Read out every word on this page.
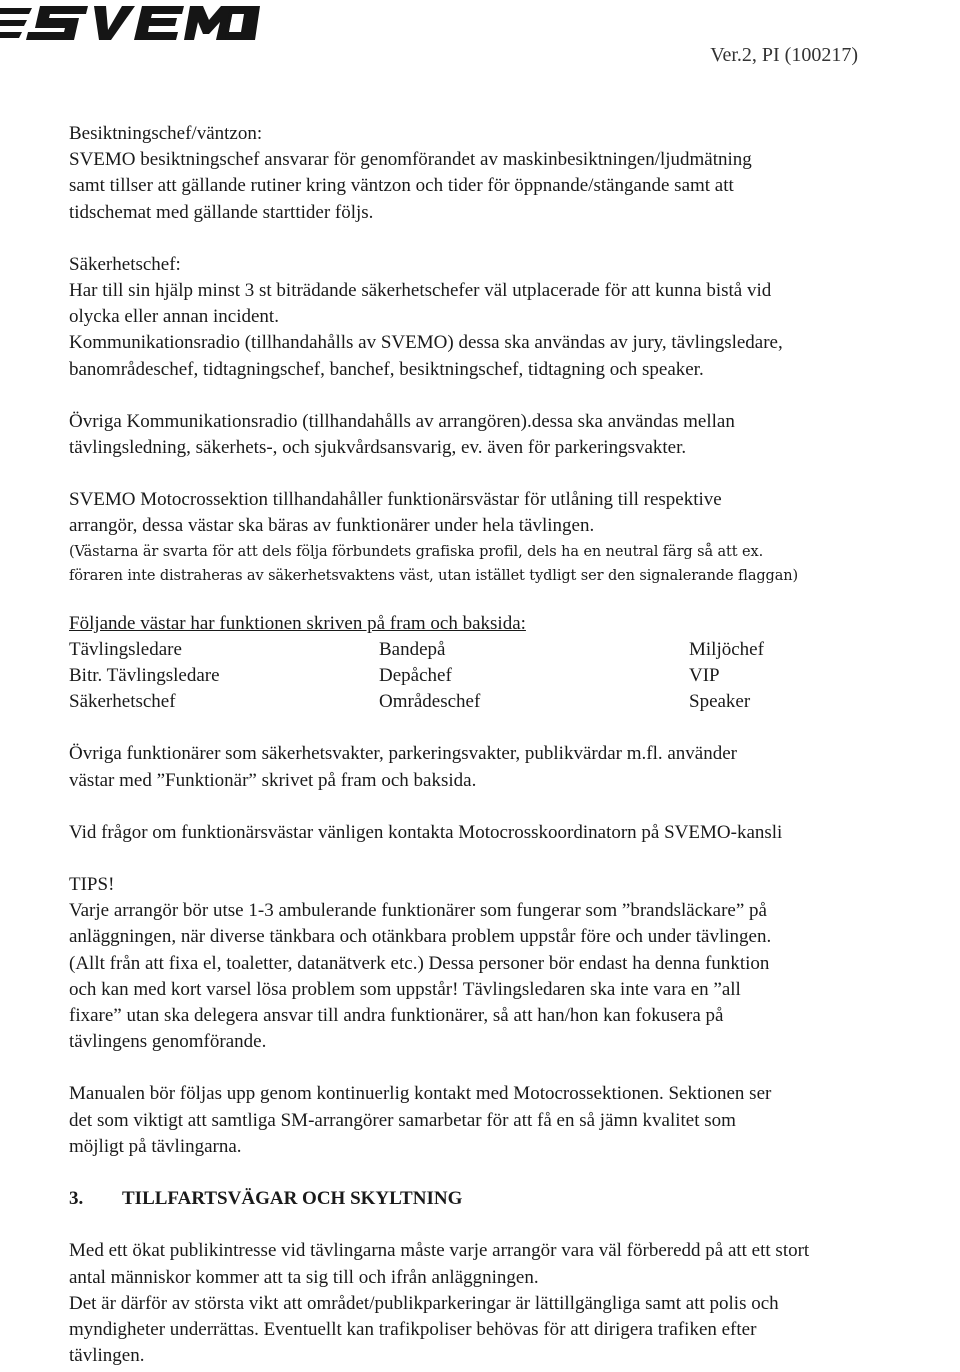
Ver.2, PI (100217)

Besiktningschef/väntzon:

SVEMO besiktningschef ansvarar för genomförandet av maskinbesiktningen/ljudmätning

samt tillser att gällande rutiner kring väntzon och tider för öppnande/stängande samt att

tidschemat med gällande starttider följs.

Säkerhetschef:

Har till sin hjälp minst 3 st biträdande säkerhetschefer väl utplacerade för att kunna bistå vid

olycka eller annan incident.

Kommunikationsradio (tillhandahålls av SVEMO) dessa ska användas av jury, tävlingsledare,

banområdeschef, tidtagningschef, banchef, besiktningschef, tidtagning och speaker.

Övriga Kommunikationsradio (tillhandahålls av arrangören).dessa ska användas mellan

tävlingsledning, säkerhets-, och sjukvårdsansvarig, ev. även för parkeringsvakter.

SVEMO Motocrossektion tillhandahåller funktionärsvästar för utlåning till respektive

arrangör, dessa västar ska bäras av funktionärer under hela tävlingen.

(Västarna är svarta för att dels följa förbundets grafiska profil, dels ha en neutral färg så att ex.

föraren inte distraheras av säkerhetsvaktens väst, utan istället tydligt ser den signalerande flaggan)

Följande västar har funktionen skriven på fram och baksida:

Tävlingsledare	Bandepå	Miljöchef
Bitr. Tävlingsledare	Depåchef	VIP
Säkerhetschef	Områdeschef	Speaker

Övriga funktionärer som säkerhetsvakter, parkeringsvakter, publikvärdar m.fl. använder

västar med ”Funktionär” skrivet på fram och baksida.

Vid frågor om funktionärsvästar vänligen kontakta Motocrosskoordinatorn på SVEMO-kansli

TIPS!

Varje arrangör bör utse 1-3 ambulerande funktionärer som fungerar som ”brandsläckare” på

anläggningen, när diverse tänkbara och otänkbara problem uppstår före och under tävlingen.

(Allt från att fixa el, toaletter, datanätverk etc.) Dessa personer bör endast ha denna funktion

och kan med kort varsel lösa problem som uppstår! Tävlingsledaren ska inte vara en ”all

fixare” utan ska delegera ansvar till andra funktionärer, så att han/hon kan fokusera på

tävlingens genomförande.

Manualen bör följas upp genom kontinuerlig kontakt med Motocrossektionen. Sektionen ser

det som viktigt att samtliga SM-arrangörer samarbetar för att få en så jämn kvalitet som

möjligt på tävlingarna.

3.	TILLFARTSVÄGAR OCH SKYLTNING

Med ett ökat publikintresse vid tävlingarna måste varje arrangör vara väl förberedd på att ett stort

antal människor kommer att ta sig till och ifrån anläggningen.

Det är därför av största vikt att området/publikparkeringar är lättillgängliga samt att polis och

myndigheter underrättas. Eventuellt kan trafikpoliser behövas för att dirigera trafiken efter

tävlingen.
